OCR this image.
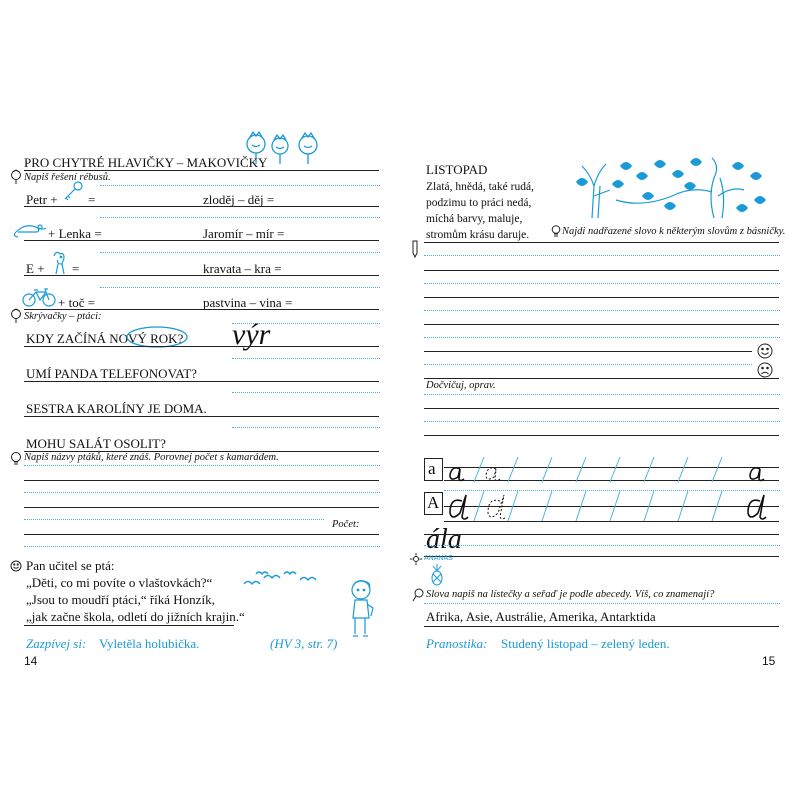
PRO CHYTRÉ HLAVIČKY – MAKOVIČKY
Napiš řešení rébusů.
Petr + =	zloděj – děj =
+ Lenka =	Jaromír – mír =
E + =	kravata – kra =
+ toč =	pastvina – vina =
Skrývačky – ptáci:
KDY ZAČÍNÁ NOVÝ ROK? výr
UMÍ PANDA TELEFONOVAT?
SESTRA KAROLÍNY JE DOMA.
MOHU SALÁT OSOLIT?
Napiš názvy ptáků, které znáš. Porovnej počet s kamarádem.
Počet:
Pan učitel se ptá:
„Děti, co mi povíte o vlaštovkách?“
„Jsou to moudří ptáci,“ říká Honzík,
„jak začne škola, odletí do jižních krajin.“
Zazpívej si: Vyletěla holubička.	(HV 3, str. 7)
14
LISTOPAD
Zlatá, hnědá, také rudá,
podzimu to práci nedá,
míchá barvy, maluje,
stromům krásu daruje.	Najdi nadřazené slovo k některým slovům z básničky.
Dočvičuj, oprav.
a
A
ála
ANANAS
Slova napiš na lístečky a seřaď je podle abecedy. Víš, co znamenají?
Afrika, Asie, Austrálie, Amerika, Antarktida
Pranostika: Studený listopad – zelený leden.
15
